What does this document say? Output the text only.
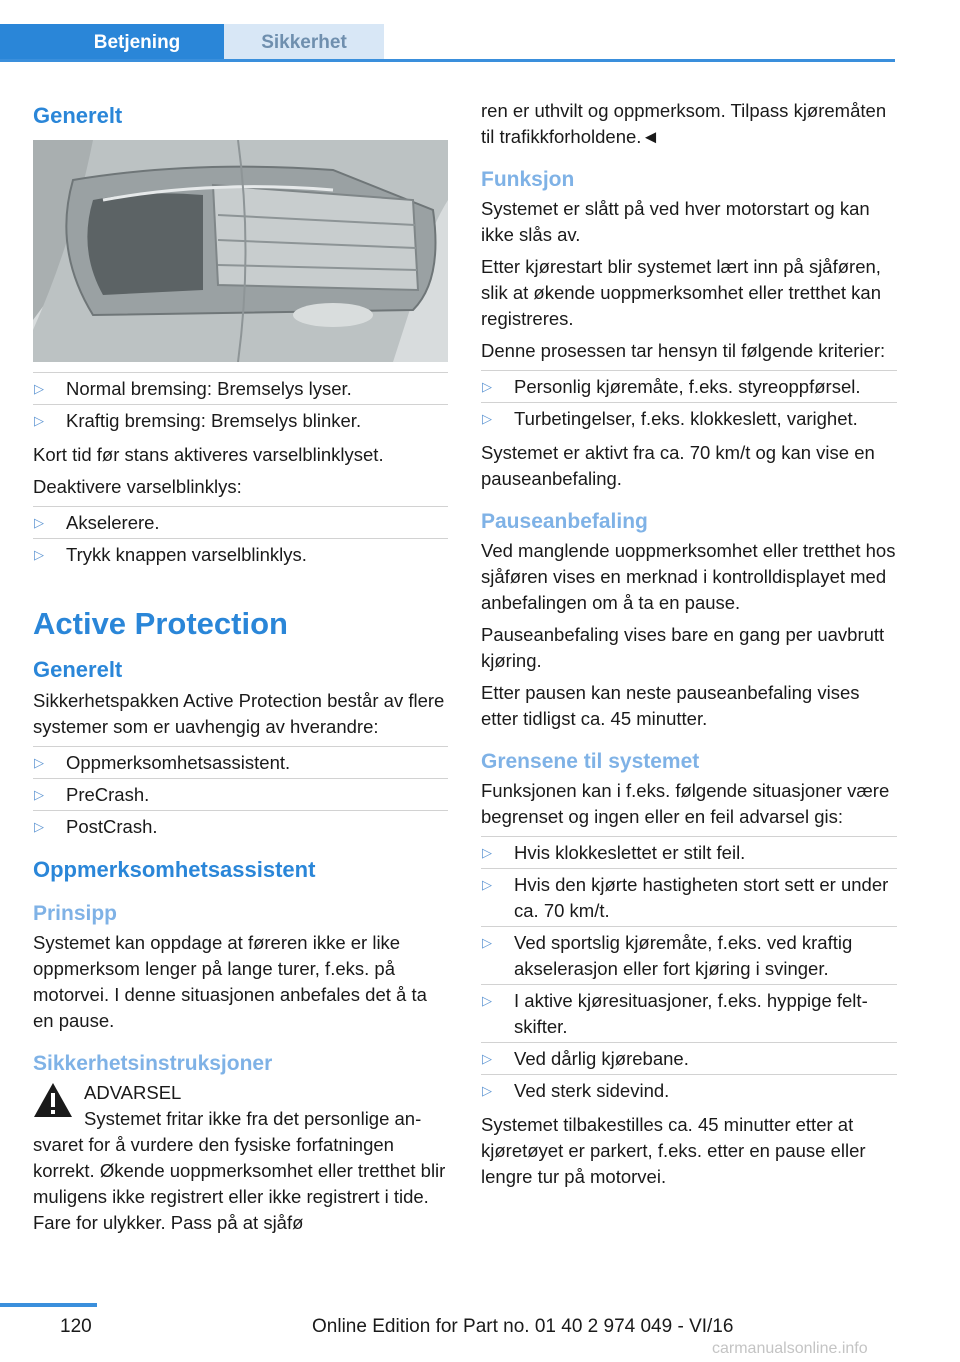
Betjening	Sikkerhet
Generelt
▷ Normal bremsing: Bremselys lyser.
▷ Kraftig bremsing: Bremselys blinker.

Kort tid før stans aktiveres varselblinklyset.

Deaktivere varselblinklys:

▷ Akselerere.
▷ Trykk knappen varselblinklys.
Active Protection
Generelt

Sikkerhetspakken Active Protection består av flere systemer som er uavhengig av hverandre:

▷ Oppmerksomhetsassistent.
▷ PreCrash.
▷ PostCrash.
Oppmerksomhetsassistent
Prinsipp

Systemet kan oppdage at føreren ikke er like oppmerksom lenger på lange turer, f.eks. på motorvei. I denne situasjonen anbefales det å ta en pause.

Sikkerhetsinstruksjoner
ADVARSEL

Systemet fritar ikke fra det personlige ansvaret for å vurdere den fysiske forfatningen korrekt. Økende uoppmerksomhet eller tretthet blir muligens ikke registrert eller ikke registrert i tide. Fare for ulykker. Pass på at sjåfø

ren er uthvilt og oppmerksom. Tilpass kjøremåten til trafikkforholdene.◄

Funksjon

Systemet er slått på ved hver motorstart og kan ikke slås av.

Etter kjørestart blir systemet lært inn på sjåføren, slik at økende uoppmerksomhet eller tretthet kan registreres.

Denne prosessen tar hensyn til følgende kriterier:

▷ Personlig kjøremåte, f.eks. styreoppførsel.
▷ Turbetingelser, f.eks. klokkeslett, varighet.

Systemet er aktivt fra ca. 70 km/t og kan vise en pauseanbefaling.

Pauseanbefaling

Ved manglende uoppmerksomhet eller tretthet hos sjåføren vises en merknad i kontrolldisplayet med anbefalingen om å ta en pause.

Pauseanbefaling vises bare en gang per uavbrutt kjøring.

Etter pausen kan neste pauseanbefaling vises etter tidligst ca. 45 minutter.

Grensene til systemet

Funksjonen kan i f.eks. følgende situasjoner være begrenset og ingen eller en feil advarsel gis:

▷ Hvis klokkeslettet er stilt feil.
▷ Hvis den kjørte hastigheten stort sett er under ca. 70 km/t.
▷ Ved sportslig kjøremåte, f.eks. ved kraftig akselerasjon eller fort kjøring i svinger.
▷ I aktive kjøresituasjoner, f.eks. hyppige feltskifter.
▷ Ved dårlig kjørebane.
▷ Ved sterk sidevind.

Systemet tilbakestilles ca. 45 minutter etter at kjøretøyet er parkert, f.eks. etter en pause eller lengre tur på motorvei.

120	Online Edition for Part no. 01 40 2 974 049 - VI/16
carmanualsonline.info
